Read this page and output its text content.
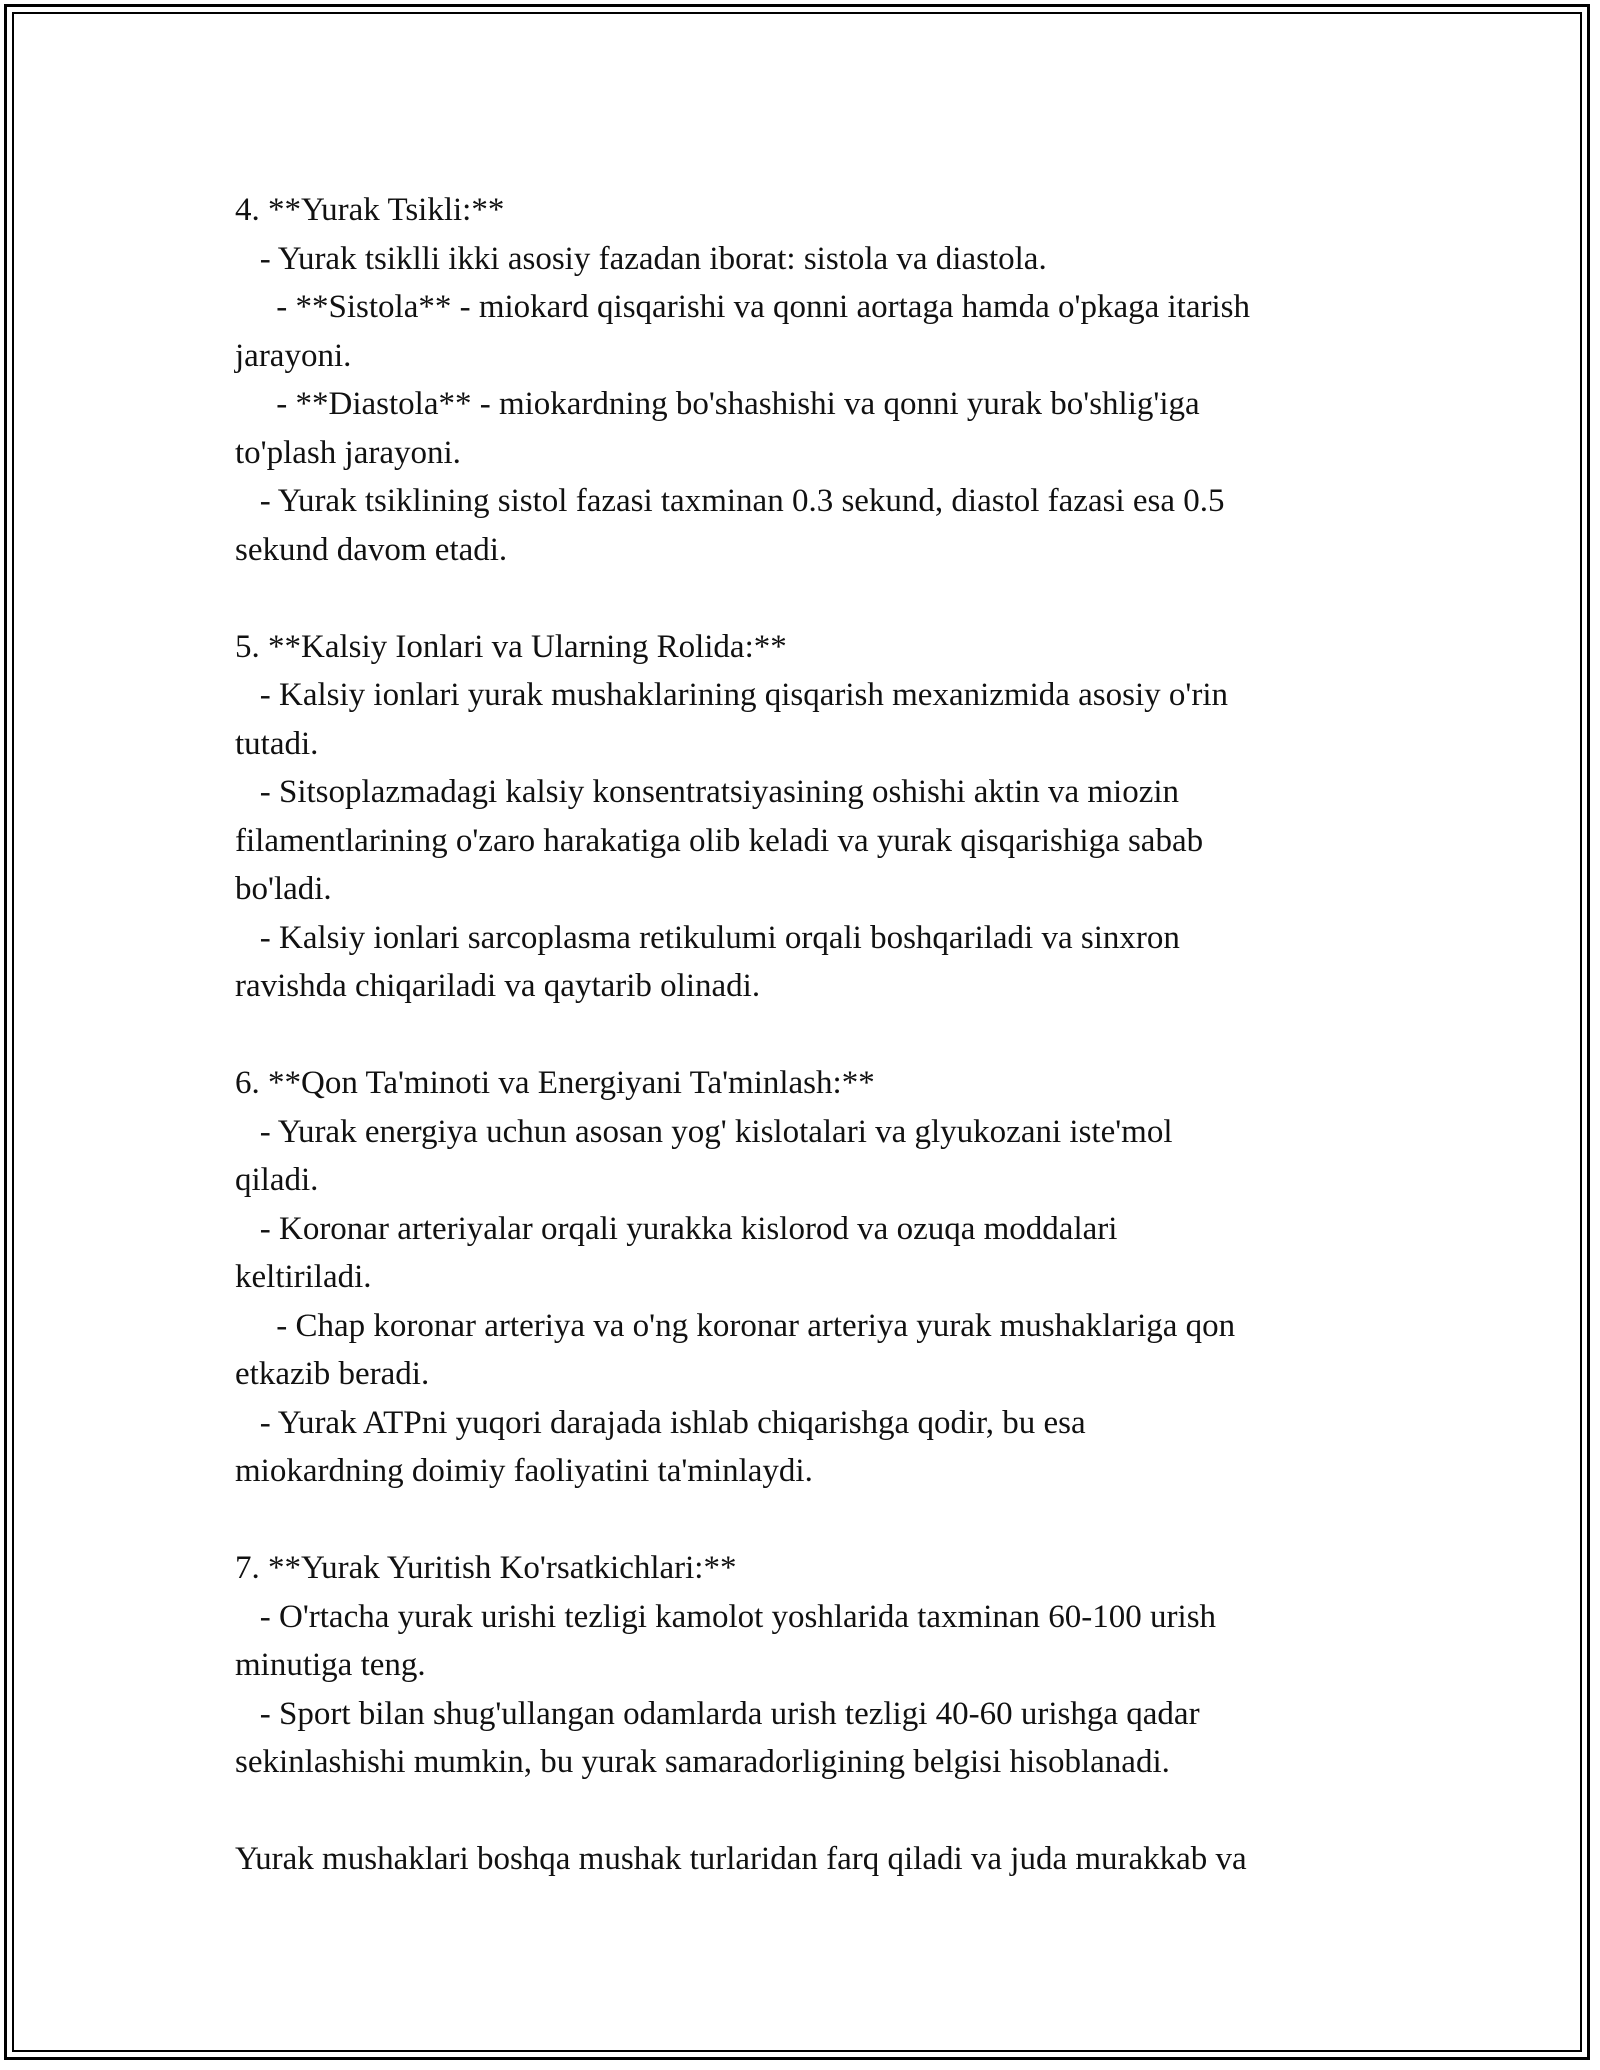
4. **Yurak Tsikli:**
- Yurak tsiklli ikki asosiy fazadan iborat: sistola va diastola.
- **Sistola** - miokard qisqarishi va qonni aortaga hamda o'pkaga itarish
jarayoni.
- **Diastola** - miokardning bo'shashishi va qonni yurak bo'shlig'iga
to'plash jarayoni.
- Yurak tsiklining sistol fazasi taxminan 0.3 sekund, diastol fazasi esa 0.5
sekund davom etadi.
5. **Kalsiy Ionlari va Ularning Rolida:**
- Kalsiy ionlari yurak mushaklarining qisqarish mexanizmida asosiy o'rin
tutadi.
- Sitsoplazmadagi kalsiy konsentratsiyasining oshishi aktin va miozin
filamentlarining o'zaro harakatiga olib keladi va yurak qisqarishiga sabab
bo'ladi.
- Kalsiy ionlari sarcoplasma retikulumi orqali boshqariladi va sinxron
ravishda chiqariladi va qaytarib olinadi.
6. **Qon Ta'minoti va Energiyani Ta'minlash:**
- Yurak energiya uchun asosan yog' kislotalari va glyukozani iste'mol
qiladi.
- Koronar arteriyalar orqali yurakka kislorod va ozuqa moddalari
keltiriladi.
- Chap koronar arteriya va o'ng koronar arteriya yurak mushaklariga qon
etkazib beradi.
- Yurak ATPni yuqori darajada ishlab chiqarishga qodir, bu esa
miokardning doimiy faoliyatini ta'minlaydi.
7. **Yurak Yuritish Ko'rsatkichlari:**
- O'rtacha yurak urishi tezligi kamolot yoshlarida taxminan 60-100 urish
minutiga teng.
- Sport bilan shug'ullangan odamlarda urish tezligi 40-60 urishga qadar
sekinlashishi mumkin, bu yurak samaradorligining belgisi hisoblanadi.
Yurak mushaklari boshqa mushak turlaridan farq qiladi va juda murakkab va
